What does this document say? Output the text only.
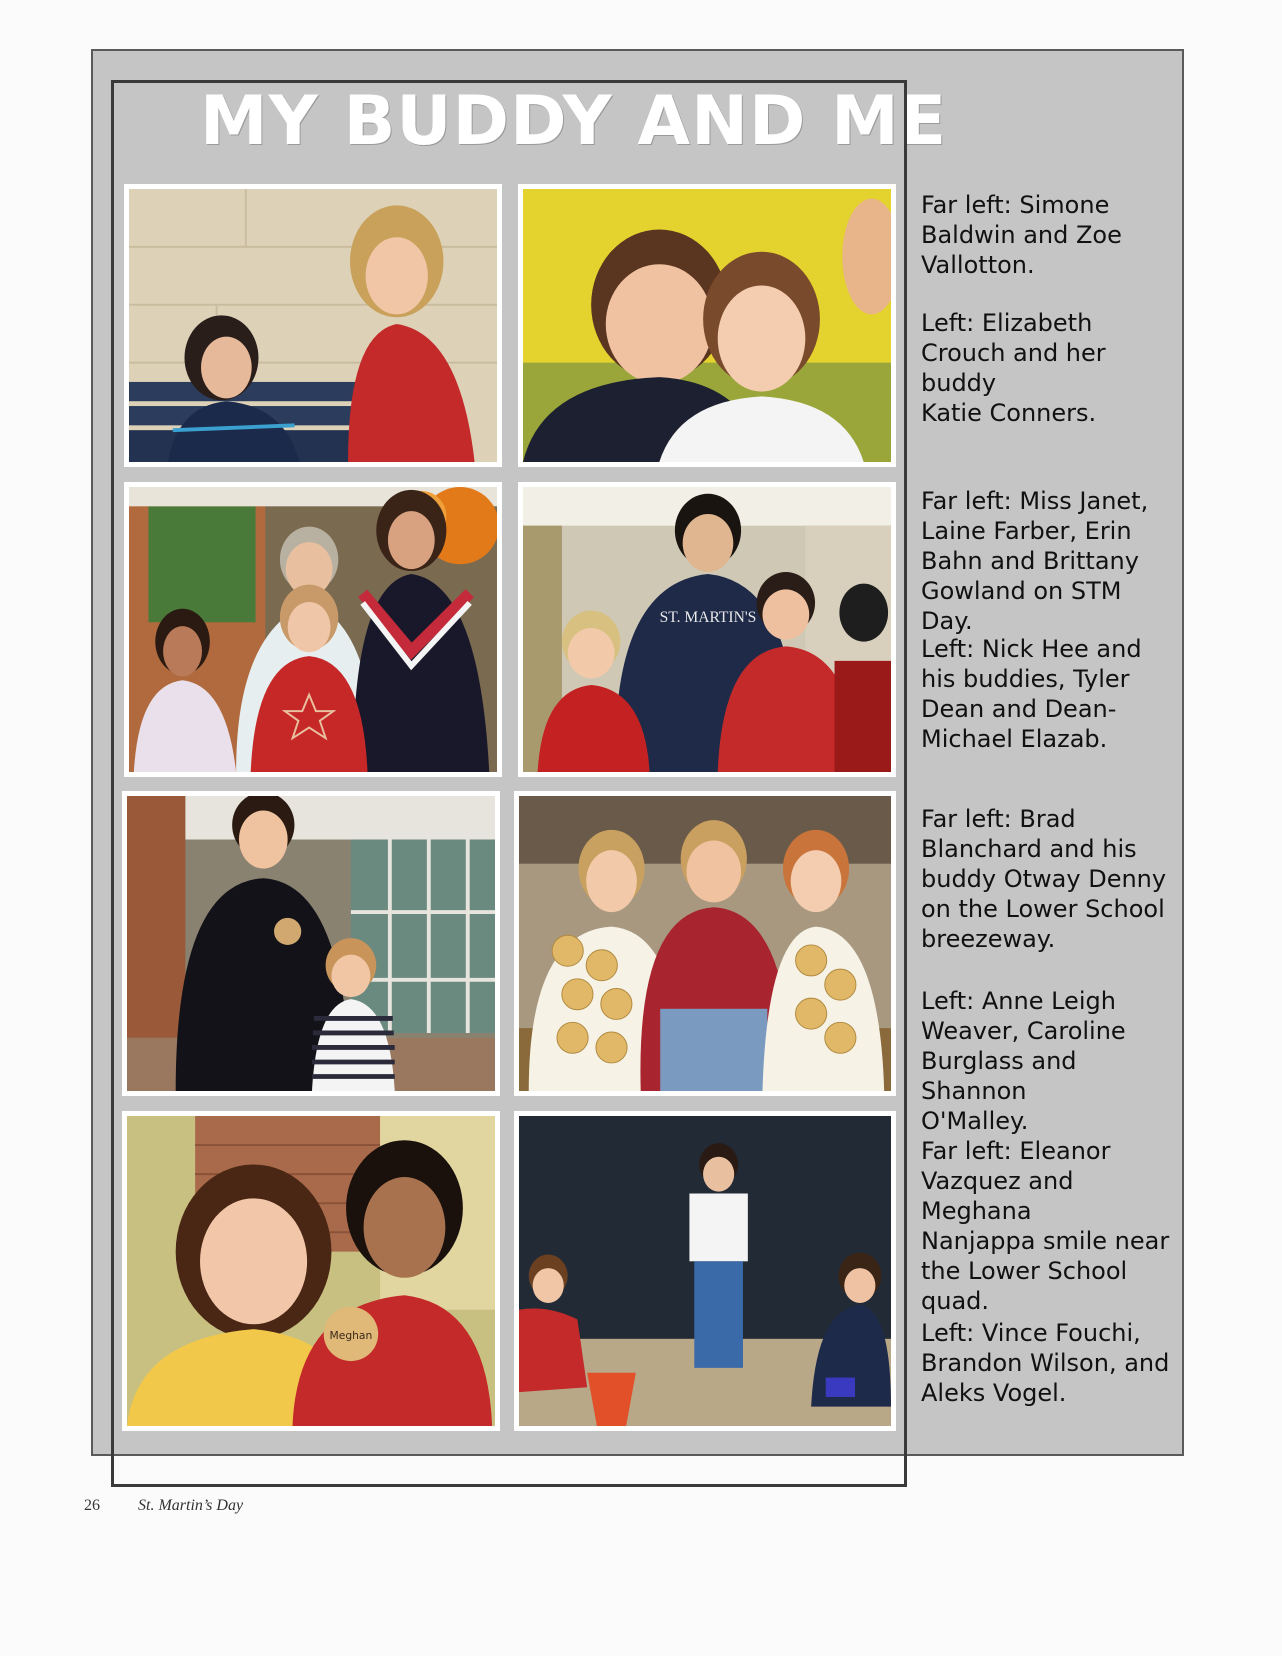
MY BUDDY AND ME
ST. MARTIN'S
Meghan

Far left: Simone
Baldwin and Zoe
Vallotton.

Left: Elizabeth
Crouch and her buddy
Katie Conners.

Far left: Miss Janet,
Laine Farber, Erin
Bahn and Brittany
Gowland on STM Day.

Left: Nick Hee and
his buddies, Tyler
Dean and Dean-
Michael Elazab.

Far left: Brad
Blanchard and his
buddy Otway Denny
on the Lower School
breezeway.

Left: Anne Leigh
Weaver, Caroline
Burglass and Shannon
O'Malley.

Far left: Eleanor
Vazquez and Meghana
Nanjappa smile near
the Lower School
quad.

Left: Vince Fouchi,
Brandon Wilson, and
Aleks Vogel.

26 St. Martin’s Day
